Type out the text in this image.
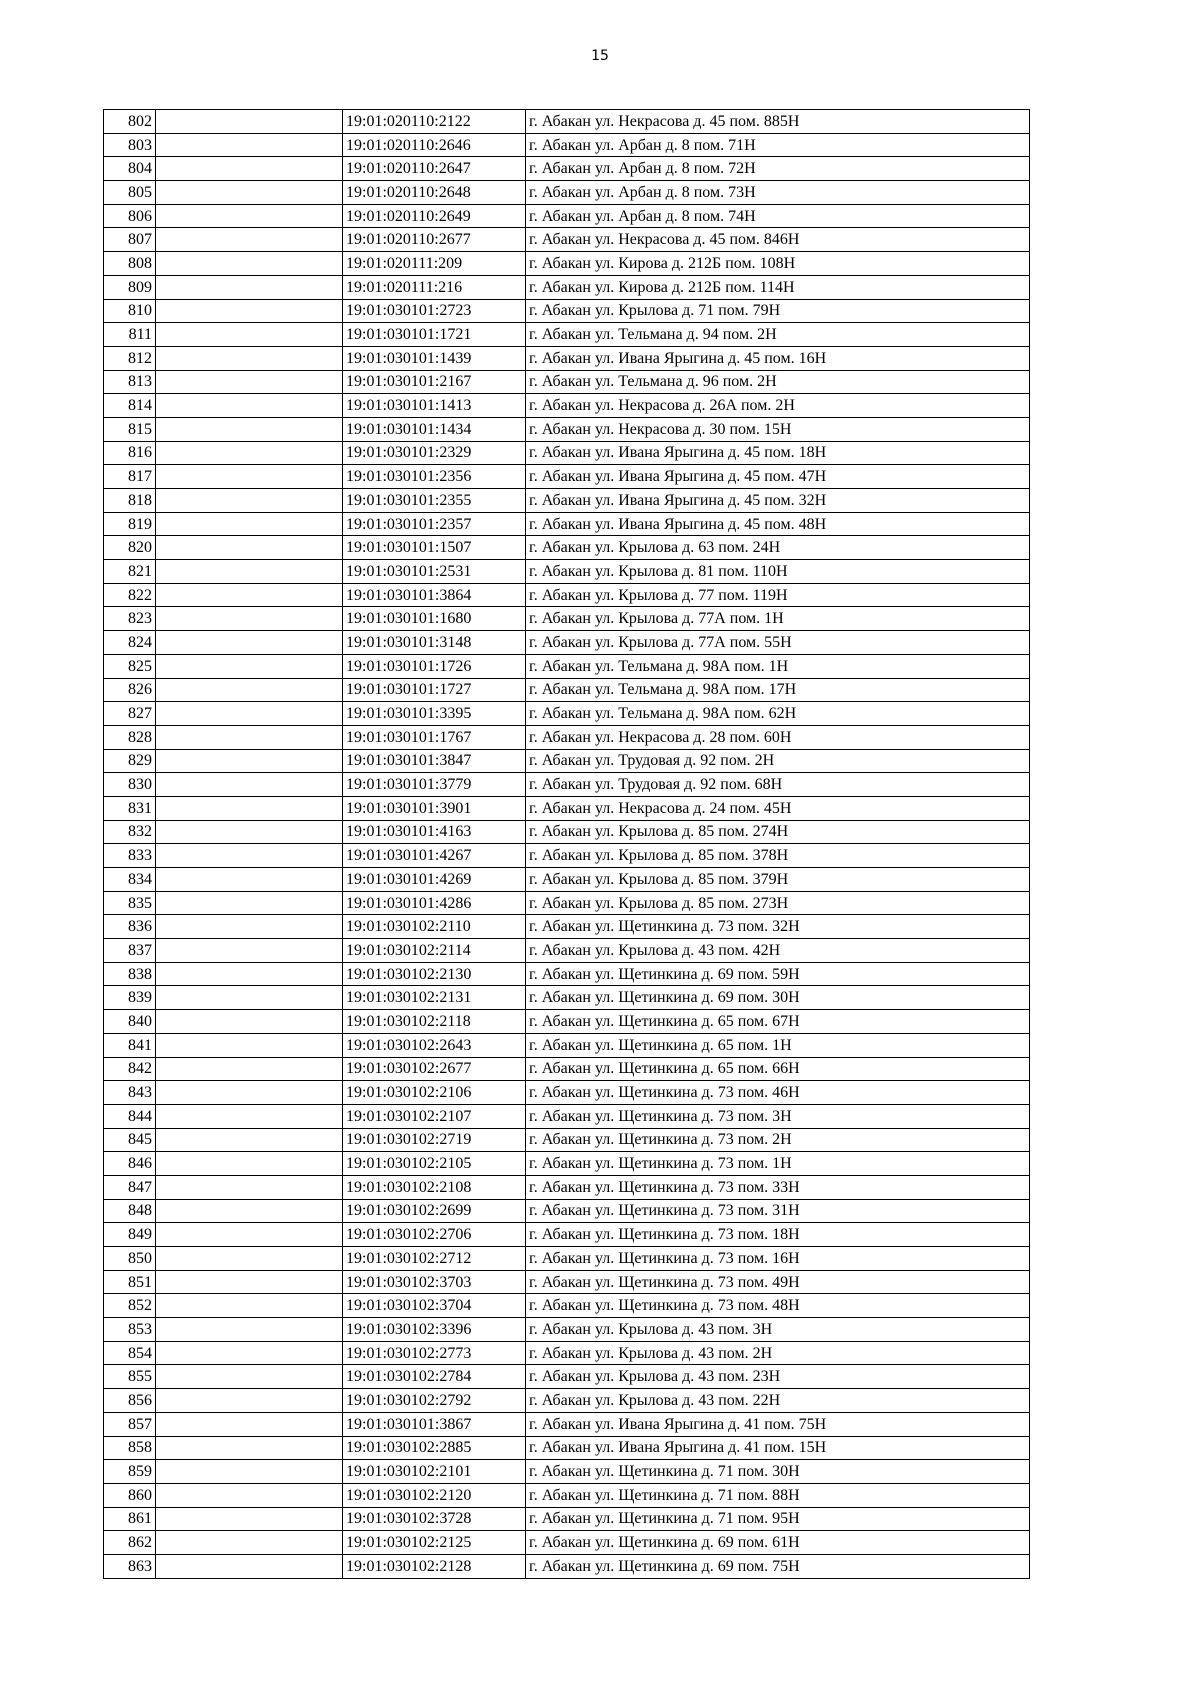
15
802		19:01:020110:2122	г. Абакан ул. Некрасова д. 45 пом. 885Н
803		19:01:020110:2646	г. Абакан ул. Арбан д. 8 пом. 71Н
804		19:01:020110:2647	г. Абакан ул. Арбан д. 8 пом. 72Н
805		19:01:020110:2648	г. Абакан ул. Арбан д. 8 пом. 73Н
806		19:01:020110:2649	г. Абакан ул. Арбан д. 8 пом. 74Н
807		19:01:020110:2677	г. Абакан ул. Некрасова д. 45 пом. 846Н
808		19:01:020111:209	г. Абакан ул. Кирова д. 212Б пом. 108Н
809		19:01:020111:216	г. Абакан ул. Кирова д. 212Б пом. 114Н
810		19:01:030101:2723	г. Абакан ул. Крылова д. 71 пом. 79Н
811		19:01:030101:1721	г. Абакан ул. Тельмана д. 94 пом. 2Н
812		19:01:030101:1439	г. Абакан ул. Ивана Ярыгина д. 45 пом. 16Н
813		19:01:030101:2167	г. Абакан ул. Тельмана д. 96 пом. 2Н
814		19:01:030101:1413	г. Абакан ул. Некрасова д. 26А пом. 2Н
815		19:01:030101:1434	г. Абакан ул. Некрасова д. 30 пом. 15Н
816		19:01:030101:2329	г. Абакан ул. Ивана Ярыгина д. 45 пом. 18Н
817		19:01:030101:2356	г. Абакан ул. Ивана Ярыгина д. 45 пом. 47Н
818		19:01:030101:2355	г. Абакан ул. Ивана Ярыгина д. 45 пом. 32Н
819		19:01:030101:2357	г. Абакан ул. Ивана Ярыгина д. 45 пом. 48Н
820		19:01:030101:1507	г. Абакан ул. Крылова д. 63 пом. 24Н
821		19:01:030101:2531	г. Абакан ул. Крылова д. 81 пом. 110Н
822		19:01:030101:3864	г. Абакан ул. Крылова д. 77 пом. 119Н
823		19:01:030101:1680	г. Абакан ул. Крылова д. 77А пом. 1Н
824		19:01:030101:3148	г. Абакан ул. Крылова д. 77А пом. 55Н
825		19:01:030101:1726	г. Абакан ул. Тельмана д. 98А пом. 1Н
826		19:01:030101:1727	г. Абакан ул. Тельмана д. 98А пом. 17Н
827		19:01:030101:3395	г. Абакан ул. Тельмана д. 98А пом. 62Н
828		19:01:030101:1767	г. Абакан ул. Некрасова д. 28 пом. 60Н
829		19:01:030101:3847	г. Абакан ул. Трудовая д. 92 пом. 2Н
830		19:01:030101:3779	г. Абакан ул. Трудовая д. 92 пом. 68Н
831		19:01:030101:3901	г. Абакан ул. Некрасова д. 24 пом. 45Н
832		19:01:030101:4163	г. Абакан ул. Крылова д. 85 пом. 274Н
833		19:01:030101:4267	г. Абакан ул. Крылова д. 85 пом. 378Н
834		19:01:030101:4269	г. Абакан ул. Крылова д. 85 пом. 379Н
835		19:01:030101:4286	г. Абакан ул. Крылова д. 85 пом. 273Н
836		19:01:030102:2110	г. Абакан ул. Щетинкина д. 73 пом. 32Н
837		19:01:030102:2114	г. Абакан ул. Крылова д. 43 пом. 42Н
838		19:01:030102:2130	г. Абакан ул. Щетинкина д. 69 пом. 59Н
839		19:01:030102:2131	г. Абакан ул. Щетинкина д. 69 пом. 30Н
840		19:01:030102:2118	г. Абакан ул. Щетинкина д. 65 пом. 67Н
841		19:01:030102:2643	г. Абакан ул. Щетинкина д. 65 пом. 1Н
842		19:01:030102:2677	г. Абакан ул. Щетинкина д. 65 пом. 66Н
843		19:01:030102:2106	г. Абакан ул. Щетинкина д. 73 пом. 46Н
844		19:01:030102:2107	г. Абакан ул. Щетинкина д. 73 пом. 3Н
845		19:01:030102:2719	г. Абакан ул. Щетинкина д. 73 пом. 2Н
846		19:01:030102:2105	г. Абакан ул. Щетинкина д. 73 пом. 1Н
847		19:01:030102:2108	г. Абакан ул. Щетинкина д. 73 пом. 33Н
848		19:01:030102:2699	г. Абакан ул. Щетинкина д. 73 пом. 31Н
849		19:01:030102:2706	г. Абакан ул. Щетинкина д. 73 пом. 18Н
850		19:01:030102:2712	г. Абакан ул. Щетинкина д. 73 пом. 16Н
851		19:01:030102:3703	г. Абакан ул. Щетинкина д. 73 пом. 49Н
852		19:01:030102:3704	г. Абакан ул. Щетинкина д. 73 пом. 48Н
853		19:01:030102:3396	г. Абакан ул. Крылова д. 43 пом. 3Н
854		19:01:030102:2773	г. Абакан ул. Крылова д. 43 пом. 2Н
855		19:01:030102:2784	г. Абакан ул. Крылова д. 43 пом. 23Н
856		19:01:030102:2792	г. Абакан ул. Крылова д. 43 пом. 22Н
857		19:01:030101:3867	г. Абакан ул. Ивана Ярыгина д. 41 пом. 75Н
858		19:01:030102:2885	г. Абакан ул. Ивана Ярыгина д. 41 пом. 15Н
859		19:01:030102:2101	г. Абакан ул. Щетинкина д. 71 пом. 30Н
860		19:01:030102:2120	г. Абакан ул. Щетинкина д. 71 пом. 88Н
861		19:01:030102:3728	г. Абакан ул. Щетинкина д. 71 пом. 95Н
862		19:01:030102:2125	г. Абакан ул. Щетинкина д. 69 пом. 61Н
863		19:01:030102:2128	г. Абакан ул. Щетинкина д. 69 пом. 75Н
